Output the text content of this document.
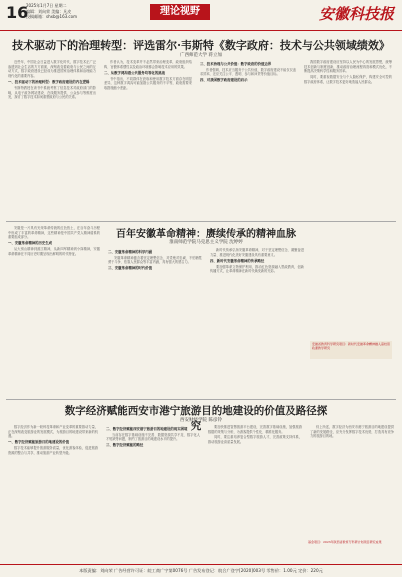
16
2025年1月7日 星期二
编辑：刘向荣 美编：凡皮
投稿邮箱：shxb@163.com	理论视野	安徽科技报
技术驱动下的治理转型：评选雷尔·韦斯特《数字政府：技术与公共领域绩效》
广西师范大学 蒋立加

近些年，中国社会日益进入数字化时代，数字技术正广泛渗透到社会生活的方方面面，深刻改变着政府与公民之间的互动方式，数字政府建设已经成为推进国家治理体系和治理能力现代化的重要内容。

一、技术驱动下的治理转型：数字政府建设的内在逻辑

韦斯特教授在该书中系统考察了信息技术对政府部门的影响，从电子政务网站建设、在线服务提供、公众参与等维度出发，探讨了数字技术如何重塑政府与公民的关系。

作者认为，技术变革并不必然带来治理变革，政府组织结构、官僚体系惯性以及政治环境都会影响技术应用的效果。

二、从数字鸿沟看公共服务均等化的挑战

书中指出，不同群体在获取和使用数字技术方面存在明显差异，这种数字鸿沟可能加剧公共服务的不平等，政府需要采取措施缩小差距。

三、技术治理与公共价值：数字政府的价值边界

作者强调，技术应当服务于公共价值，数字政府建设不能仅仅追求效率，还应关注公平、透明、参与和问责等价值目标。

四、对我国数字政府建设的启示

我国数字政府建设应坚持以人民为中心的发展思想，统筹技术创新与制度创新，推动政府治理流程再造和模式优化，不断提高决策科学性和服务效率。

同时，要重视数据安全与个人隐私保护，构建安全可控的数字政府体系，让数字技术更好地造福人民群众。

百年安徽革命精神：赓续传承的精神血脉
淮南师范学院马克思主义学院 沈婷婷

安徽是一片具有光荣革命传统的红色热土，在百年奋斗历程中形成了丰富的革命精神，这些精神是中国共产党人精神谱系的重要组成部分。

一、安徽革命精神的历史生成

从大别山精神到渡江精神，从新四军精神到小岗精神，安徽革命精神在不同历史时期呈现出鲜明的时代特征。

二、安徽革命精神的科学内涵

安徽革命精神蕴含着坚定理想信念、对党绝对忠诚、不怕牺牲勇于斗争、依靠人民群众等丰富内涵，具有强大的感召力。

三、安徽革命精神的时代价值

新时代传承弘扬安徽革命精神，对于坚定理想信念、凝聚奋进力量、推进现代化美好安徽建设具有重要意义。

四、新时代安徽革命精神的传承路径

要加强革命文物保护利用，推动红色资源融入思政教育，创新传播方式，让革命精神在新时代焕发新的光彩。

安徽省教育科学研究项目：新时代安徽革命精神融入高校思政课教学研究
数字经济赋能西安市港宁旅游目的地建设的价值及路径探究
西安财经学院 陈彦铃

数字经济作为新一轮科技革命和产业变革的重要推动力量，正在深刻改变旅游业的发展模式，为旅游目的地建设带来新的机遇。

一、数字经济赋能旅游目的地建设的价值

数字技术能够提升旅游服务质量，优化游客体验，促进旅游资源的整合与共享，推动旅游产业转型升级。

二、数字经济赋能西安港宁旅游目的地建设的现实困境

当前存在数字基础设施不完善、数据资源共享不足、数字化人才短缺等问题，制约了旅游目的地建设水平的提升。

三、数字经济赋能的路径

要加快推进智慧旅游平台建设，完善数字基础设施，加强旅游数据的采集与分析，为游客提供个性化、精准化服务。

同时，要注重培养复合型数字旅游人才，完善政策支持体系，推动旅游业高质量发展。

综上所述，数字经济为西安市港宁旅游目的地建设提供了新的发展路径，应充分发挥数字技术优势，打造具有竞争力的旅游目的地。

基金项目：2023年陕西省教育厅科研计划项目研究成果
本版责编：刘向荣 广告经营许可证：皖工商广字第0076号 广告发布登记：皖合广登字[2020]003号 零售价：1.00元 定价：220元
